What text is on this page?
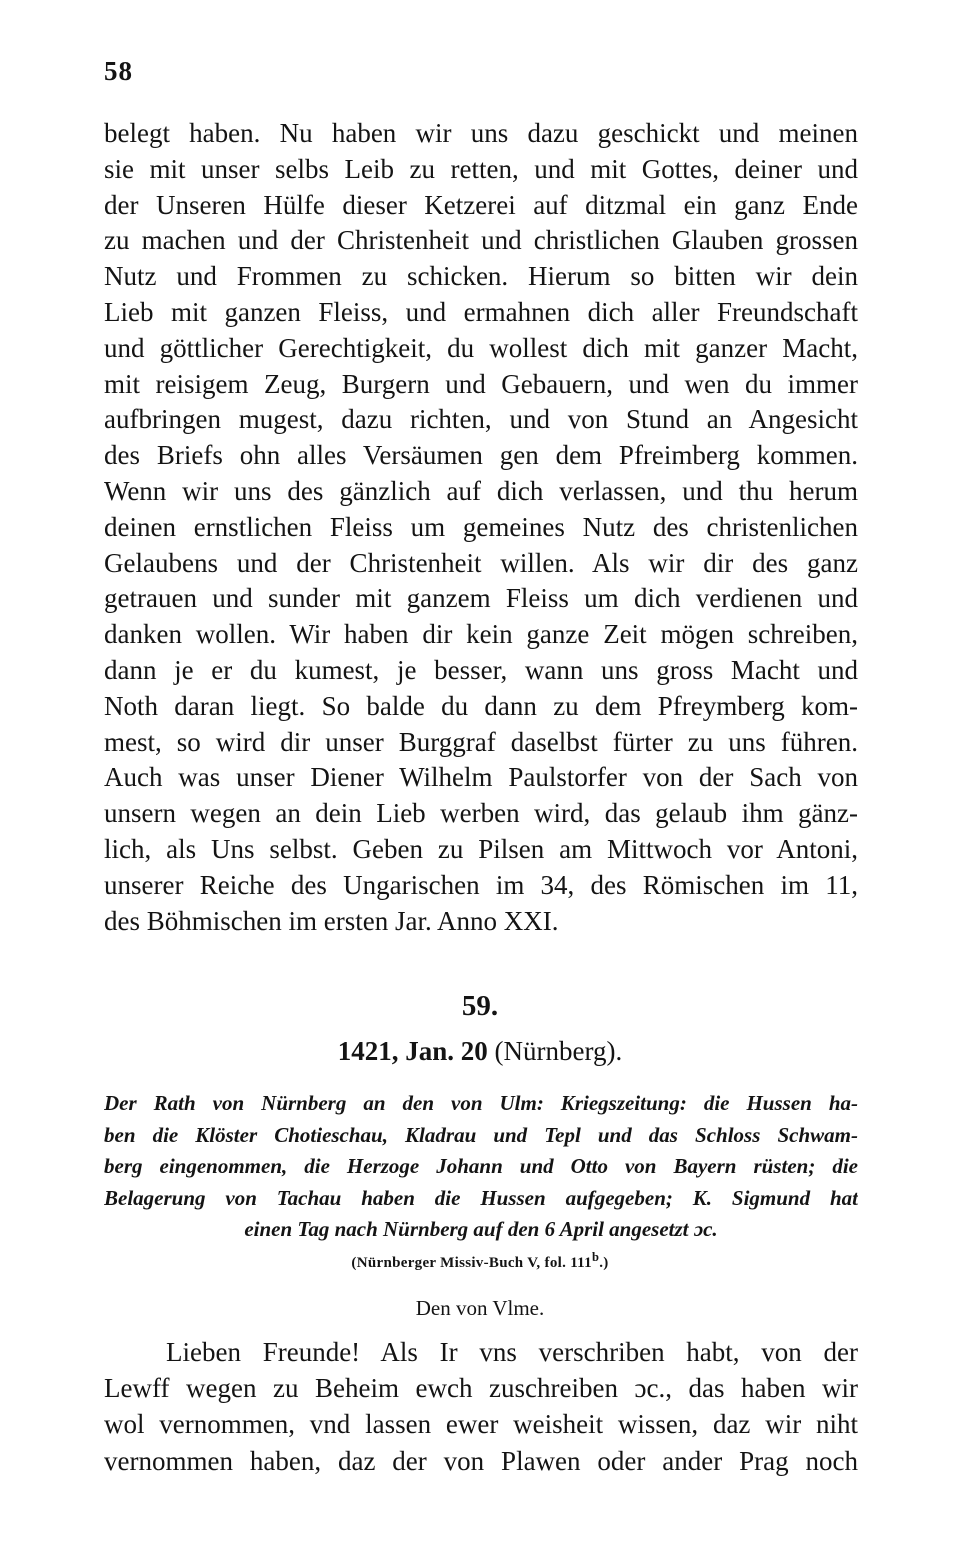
58
belegt haben. Nu haben wir uns dazu geschickt und meinen
sie mit unser selbs Leib zu retten, und mit Gottes, deiner und
der Unseren Hülfe dieser Ketzerei auf ditzmal ein ganz Ende
zu machen und der Christenheit und christlichen Glauben grossen
Nutz und Frommen zu schicken. Hierum so bitten wir dein
Lieb mit ganzen Fleiss, und ermahnen dich aller Freundschaft
und göttlicher Gerechtigkeit, du wollest dich mit ganzer Macht,
mit reisigem Zeug, Burgern und Gebauern, und wen du immer
aufbringen mugest, dazu richten, und von Stund an Angesicht
des Briefs ohn alles Versäumen gen dem Pfreimberg kommen.
Wenn wir uns des gänzlich auf dich verlassen, und thu herum
deinen ernstlichen Fleiss um gemeines Nutz des christenlichen
Gelaubens und der Christenheit willen. Als wir dir des ganz
getrauen und sunder mit ganzem Fleiss um dich verdienen und
danken wollen. Wir haben dir kein ganze Zeit mögen schreiben,
dann je er du kumest, je besser, wann uns gross Macht und
Noth daran liegt. So balde du dann zu dem Pfreymberg kom-
mest, so wird dir unser Burggraf daselbst fürter zu uns führen.
Auch was unser Diener Wilhelm Paulstorfer von der Sach von
unsern wegen an dein Lieb werben wird, das gelaub ihm gänz-
lich, als Uns selbst. Geben zu Pilsen am Mittwoch vor Antoni,
unserer Reiche des Ungarischen im 34, des Römischen im 11,
des Böhmischen im ersten Jar. Anno XXI.
59.
1421, Jan. 20 (Nürnberg).
Der Rath von Nürnberg an den von Ulm: Kriegszeitung: die Hussen ha-
ben die Klöster Chotieschau, Kladrau und Tepl und das Schloss Schwam-
berg eingenommen, die Herzoge Johann und Otto von Bayern rüsten; die
Belagerung von Tachau haben die Hussen aufgegeben; K. Sigmund hat
einen Tag nach Nürnberg auf den 6 April angesetzt ɔc.
(Nürnberger Missiv-Buch V, fol. 111$^b$.)
Den von Vlme.
Lieben Freunde! Als Ir vns verschriben habt, von der
Lewff wegen zu Beheim ewch zuschreiben ɔc., das haben wir
wol vernommen, vnd lassen ewer weisheit wissen, daz wir niht
vernommen haben, daz der von Plawen oder ander Prag noch
